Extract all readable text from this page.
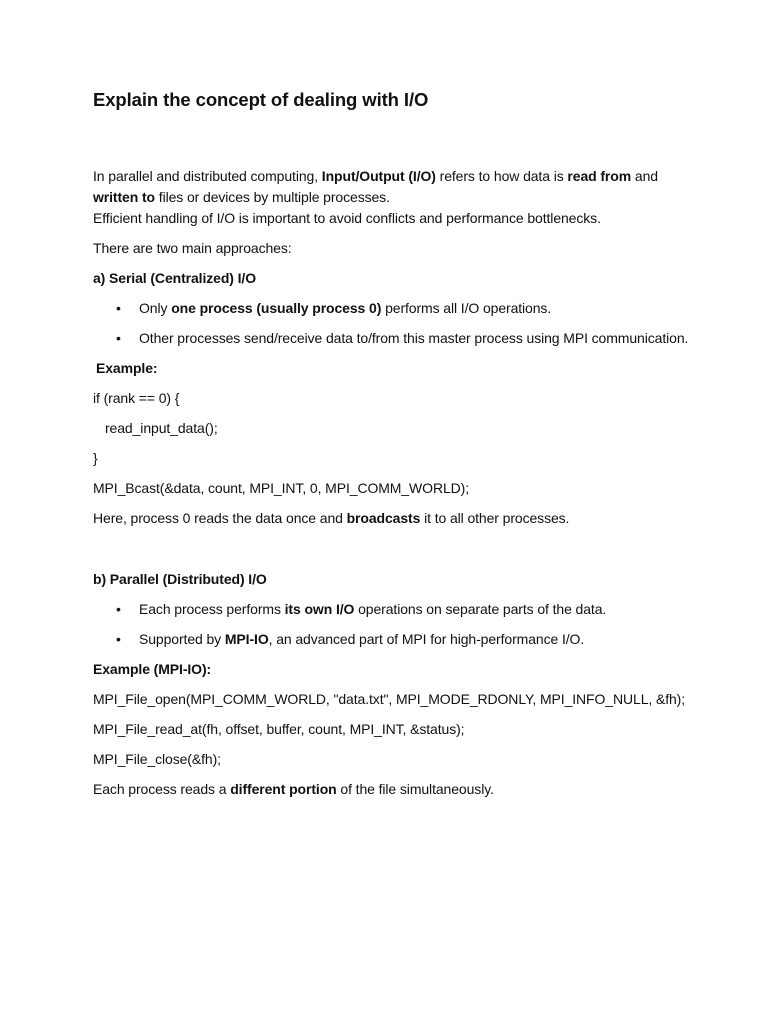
Explain the concept of dealing with I/O

In parallel and distributed computing, Input/Output (I/O) refers to how data is read from and written to files or devices by multiple processes.
Efficient handling of I/O is important to avoid conflicts and performance bottlenecks.

There are two main approaches:

a) Serial (Centralized) I/O

• Only one process (usually process 0) performs all I/O operations.
• Other processes send/receive data to/from this master process using MPI communication.

Example:

if (rank == 0) {

read_input_data();

}

MPI_Bcast(&data, count, MPI_INT, 0, MPI_COMM_WORLD);

Here, process 0 reads the data once and broadcasts it to all other processes.

b) Parallel (Distributed) I/O

• Each process performs its own I/O operations on separate parts of the data.
• Supported by MPI-IO, an advanced part of MPI for high-performance I/O.

Example (MPI-IO):

MPI_File_open(MPI_COMM_WORLD, "data.txt", MPI_MODE_RDONLY, MPI_INFO_NULL, &fh);

MPI_File_read_at(fh, offset, buffer, count, MPI_INT, &status);

MPI_File_close(&fh);

Each process reads a different portion of the file simultaneously.
